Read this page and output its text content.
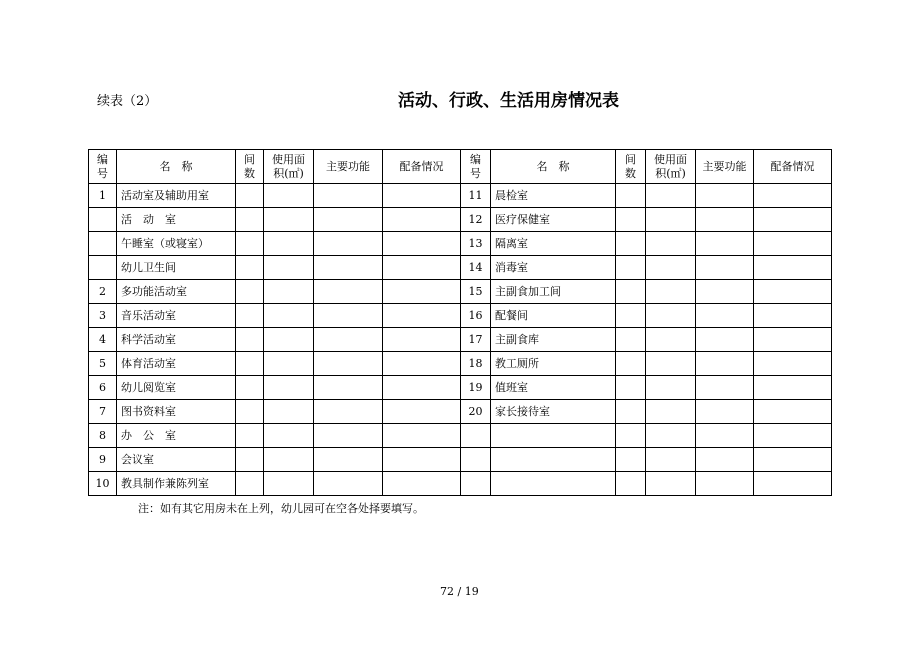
续表（2）	活动、行政、生活用房情况表
编号	名　称	间数	使用面积(㎡)	主要功能	配备情况	编号	名　称	间数	使用面积(㎡)	主要功能	配备情况
1	活动室及辅助用室					11	晨检室				
	活　动　室					12	医疗保健室				
	午睡室（或寝室）					13	隔离室				
	幼儿卫生间					14	消毒室				
2	多功能活动室					15	主副食加工间				
3	音乐活动室					16	配餐间				
4	科学活动室					17	主副食库				
5	体育活动室					18	教工厕所				
6	幼儿阅览室					19	值班室				
7	图书资料室					20	家长接待室				
8	办　公　室										
9	会议室										
10	教具制作兼陈列室										
注：如有其它用房未在上列，幼儿园可在空各处择要填写。
72 / 19
